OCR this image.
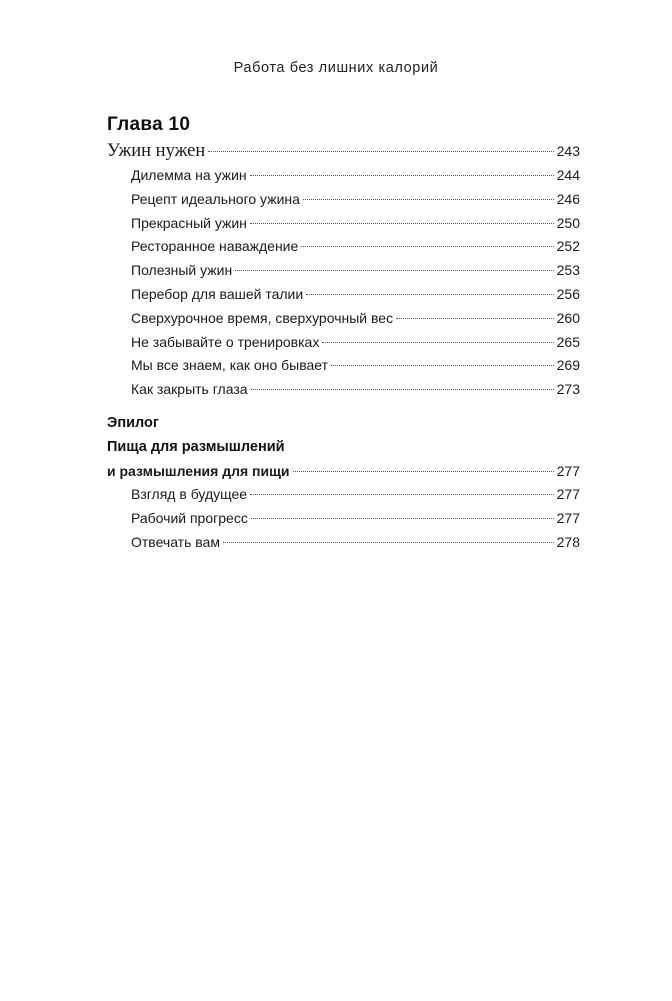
Работа без лишних калорий
Глава 10
Ужин нужен	243
Дилемма на ужин	244
Рецепт идеального ужина	246
Прекрасный ужин	250
Ресторанное наваждение	252
Полезный ужин	253
Перебор для вашей талии	256
Сверхурочное время, сверхурочный вес	260
Не забывайте о тренировках	265
Мы все знаем, как оно бывает	269
Как закрыть глаза	273
Эпилог
Пища для размышлений
и размышления для пищи	277
Взгляд в будущее	277
Рабочий прогресс	277
Отвечать вам	278
